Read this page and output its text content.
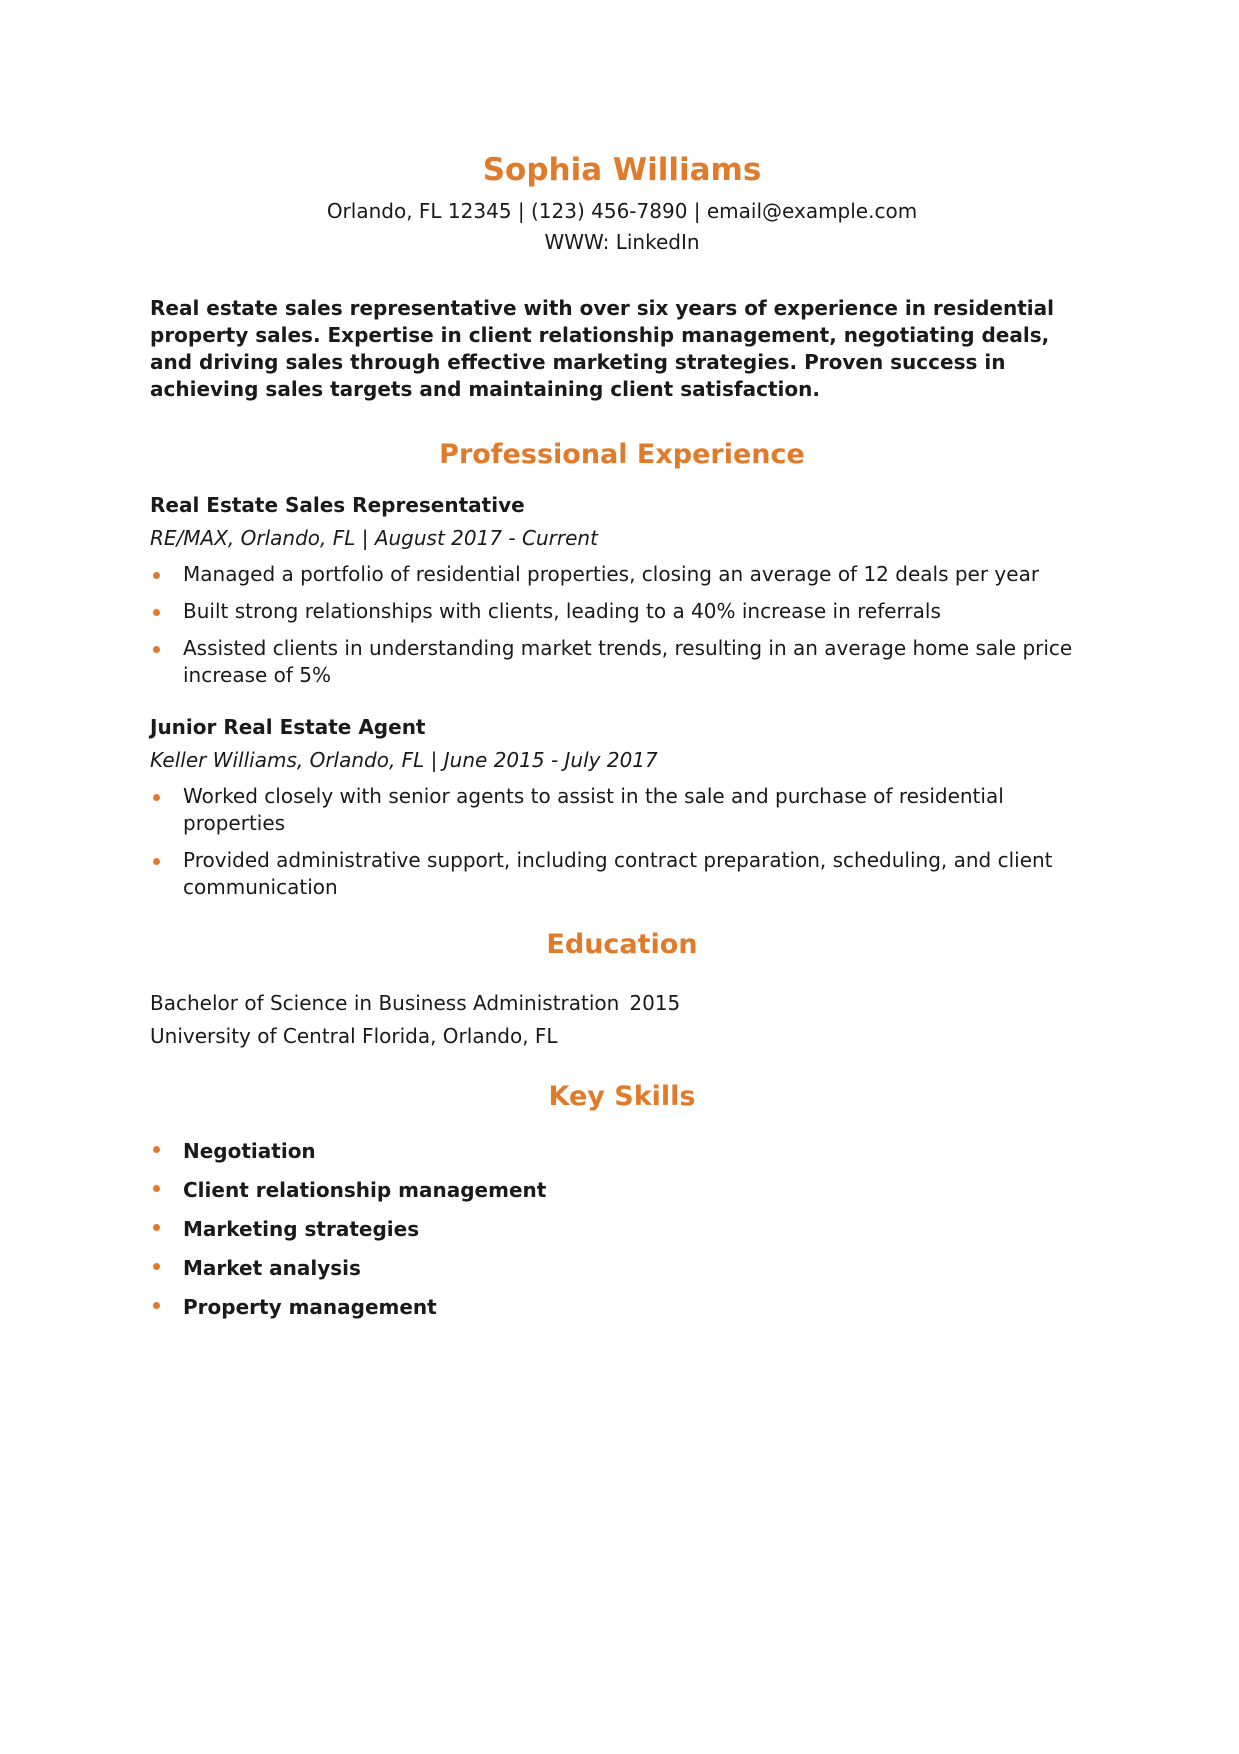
Sophia Williams
Orlando, FL 12345 | (123) 456-7890 | email@example.com
WWW: LinkedIn
Real estate sales representative with over six years of experience in residential property sales. Expertise in client relationship management, negotiating deals, and driving sales through effective marketing strategies. Proven success in achieving sales targets and maintaining client satisfaction.
Professional Experience
Real Estate Sales Representative
RE/MAX, Orlando, FL | August 2017 - Current
Managed a portfolio of residential properties, closing an average of 12 deals per year
Built strong relationships with clients, leading to a 40% increase in referrals
Assisted clients in understanding market trends, resulting in an average home sale price increase of 5%
Junior Real Estate Agent
Keller Williams, Orlando, FL | June 2015 - July 2017
Worked closely with senior agents to assist in the sale and purchase of residential properties
Provided administrative support, including contract preparation, scheduling, and client communication
Education
Bachelor of Science in Business Administration 2015
University of Central Florida, Orlando, FL
Key Skills
Negotiation
Client relationship management
Marketing strategies
Market analysis
Property management
